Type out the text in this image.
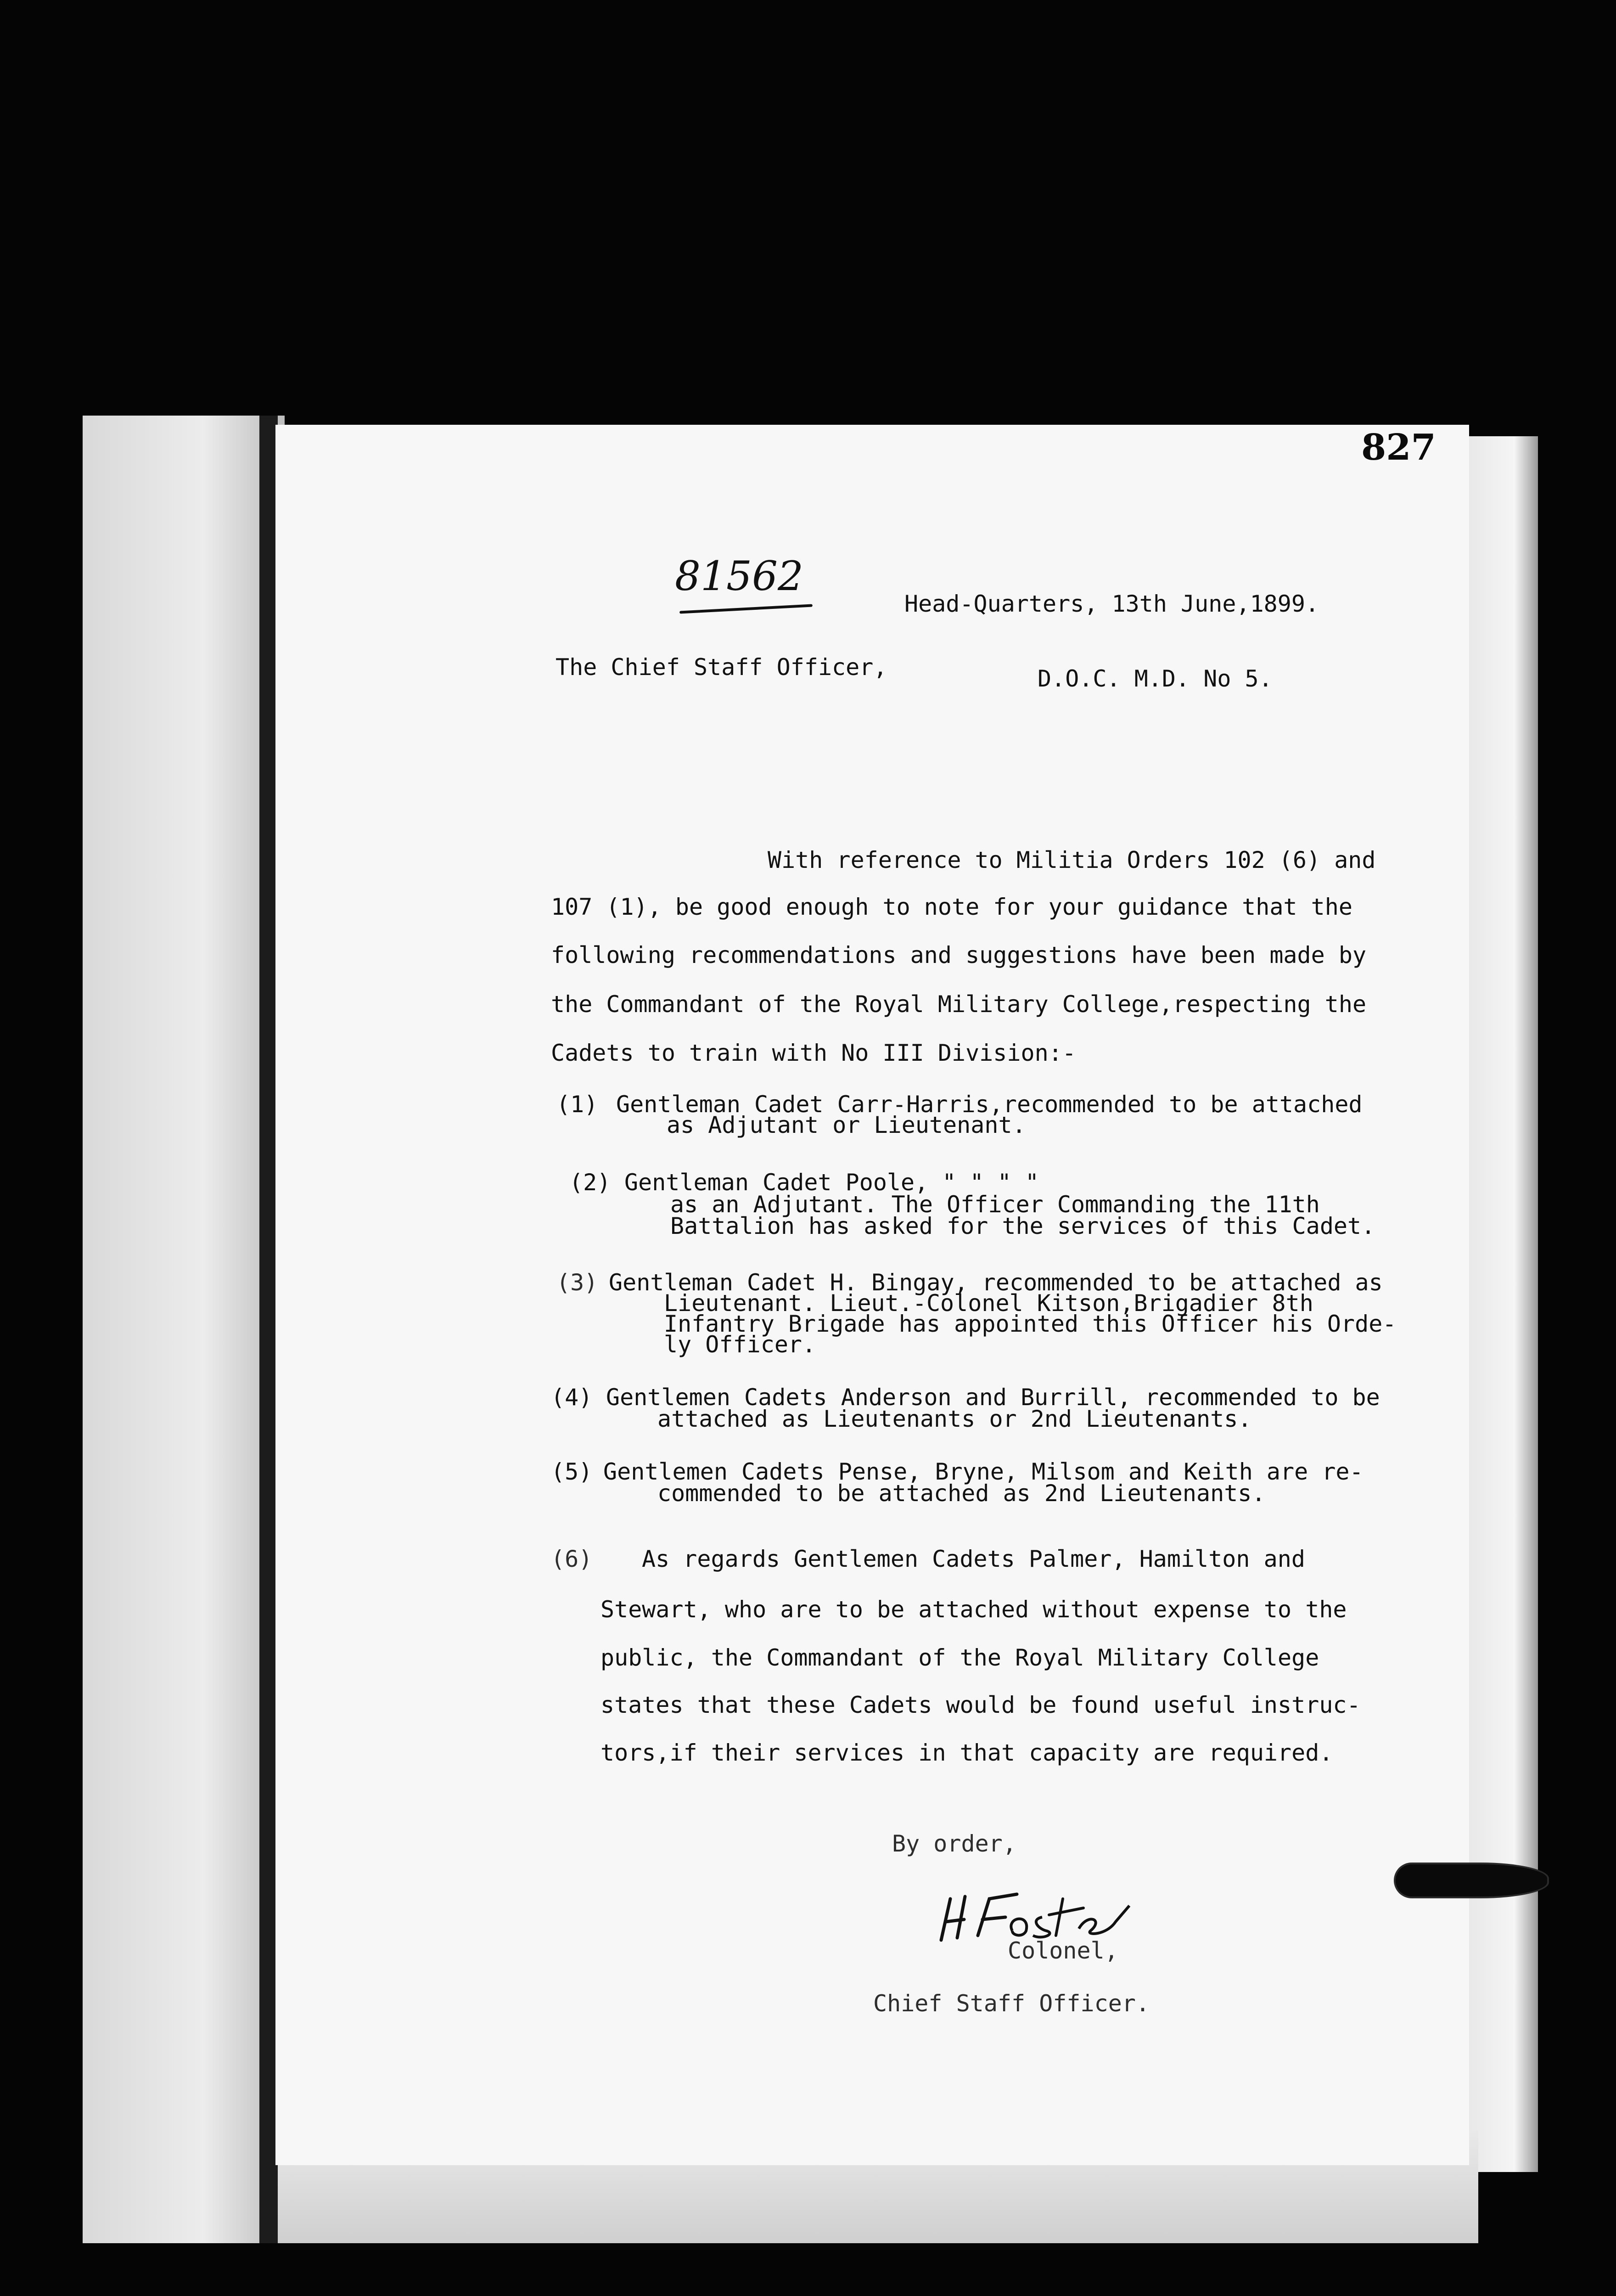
827
81562
Head-Quarters, 13th June,1899.
The Chief Staff Officer,	D.O.C. M.D. No 5.
With reference to Militia Orders 102 (6) and
107 (1), be good enough to note for your guidance that the
following recommendations and suggestions have been made by
the Commandant of the Royal Military College,respecting the
Cadets to train with No III Division:-
(1) Gentleman Cadet Carr-Harris,recommended to be attached
as Adjutant or Lieutenant.
(2) Gentleman Cadet Poole, " " " "
as an Adjutant. The Officer Commanding the 11th
Battalion has asked for the services of this Cadet.
(3) Gentleman Cadet H. Bingay, recommended to be attached as
Lieutenant. Lieut.-Colonel Kitson,Brigadier 8th
Infantry Brigade has appointed this Officer his Orde-
ly Officer.
(4) Gentlemen Cadets Anderson and Burrill, recommended to be
attached as Lieutenants or 2nd Lieutenants.
(5) Gentlemen Cadets Pense, Bryne, Milsom and Keith are re-
commended to be attached as 2nd Lieutenants.
(6) As regards Gentlemen Cadets Palmer, Hamilton and
Stewart, who are to be attached without expense to the
public, the Commandant of the Royal Military College
states that these Cadets would be found useful instruc-
tors,if their services in that capacity are required.
By order,
Colonel,
Chief Staff Officer.
